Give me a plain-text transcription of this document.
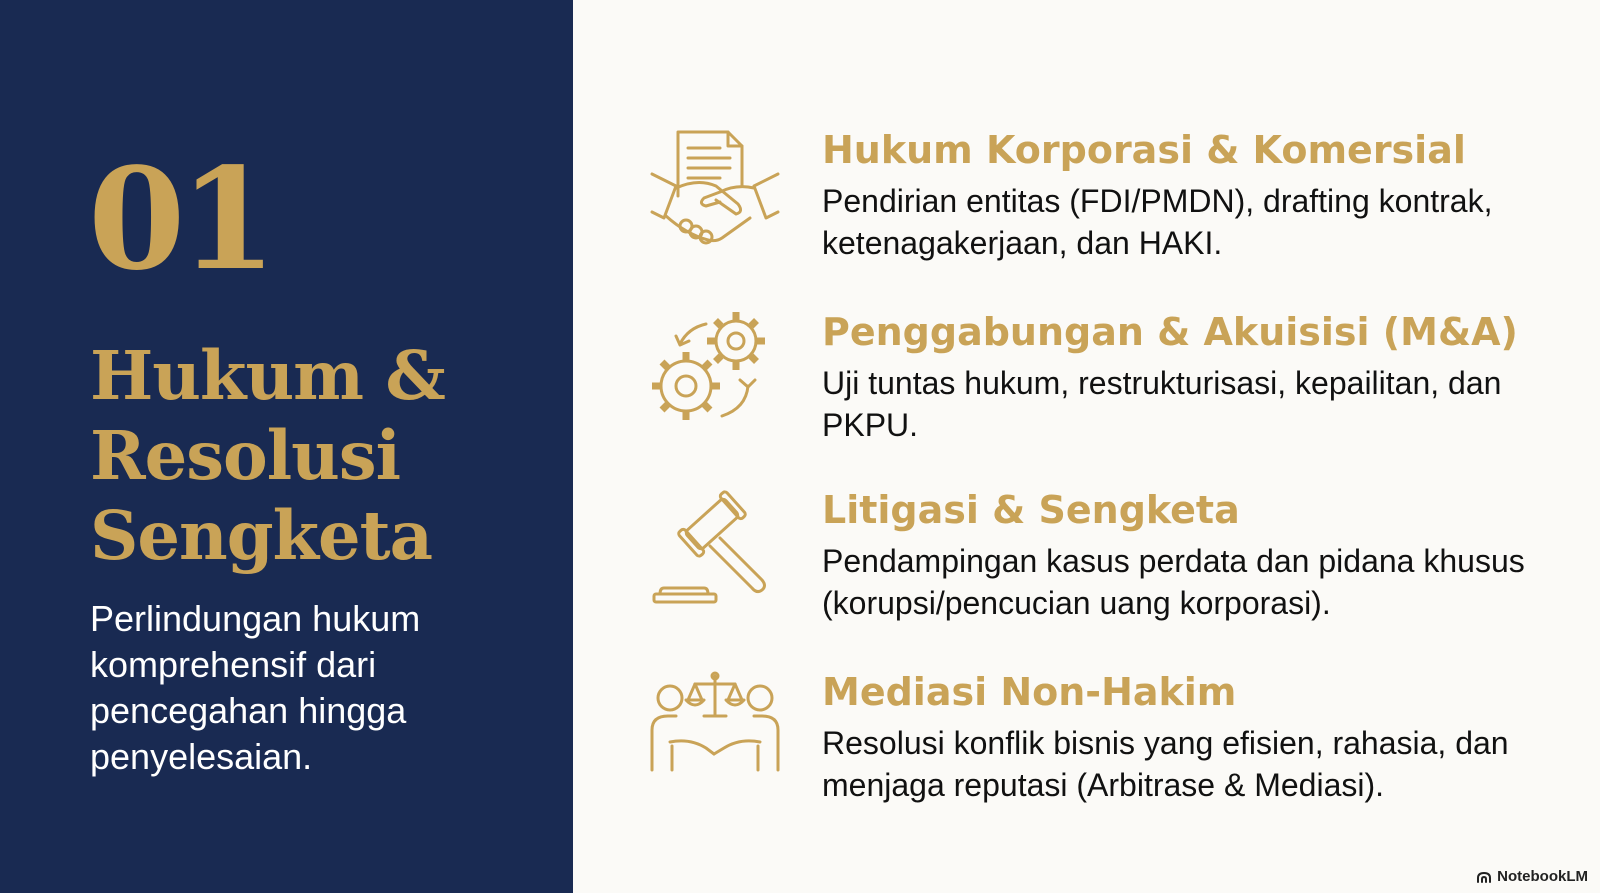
01
Hukum & Resolusi Sengketa

Perlindungan hukum komprehensif dari pencegahan hingga penyelesaian.

Hukum Korporasi & Komersial

Pendirian entitas (FDI/PMDN), drafting kontrak, ketenagakerjaan, dan HAKI.

Penggabungan & Akuisisi (M&A)

Uji tuntas hukum, restrukturisasi, kepailitan, dan PKPU.

Litigasi & Sengketa

Pendampingan kasus perdata dan pidana khusus (korupsi/pencucian uang korporasi).

Mediasi Non-Hakim

Resolusi konflik bisnis yang efisien, rahasia, dan menjaga reputasi (Arbitrase & Mediasi).

NotebookLM
